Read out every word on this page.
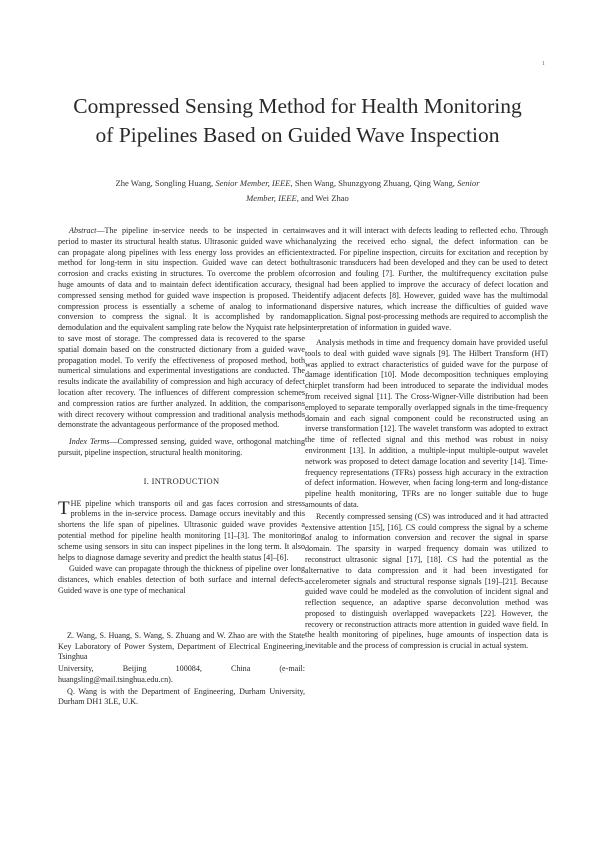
1
Compressed Sensing Method for Health Monitoring
of Pipelines Based on Guided Wave Inspection
Zhe Wang, Songling Huang, Senior Member, IEEE, Shen Wang, Shunzgyong Zhuang, Qing Wang, Senior
Member, IEEE, and Wei Zhao

Abstract—The pipeline in-service needs to be inspected in certain period to master its structural health status. Ultrasonic guided wave which can propagate along pipelines with less energy loss provides an efficient method for long-term in situ inspection. Guided wave can detect both corrosion and cracks existing in structures. To overcome the problem of huge amounts of data and to maintain defect identification accuracy, the compressed sensing method for guided wave inspection is proposed. The compression process is essentially a scheme of analog to information conversion to compress the signal. It is accomplished by random demodulation and the equivalent sampling rate below the Nyquist rate helps to save most of storage. The compressed data is recovered to the sparse spatial domain based on the constructed dictionary from a guided wave propagation model. To verify the effectiveness of proposed method, both numerical simulations and experimental investigations are conducted. The results indicate the availability of compression and high accuracy of defect location after recovery. The influences of different compression schemes and compression ratios are further analyzed. In addition, the comparisons with direct recovery without compression and traditional analysis methods demonstrate the advantageous performance of the proposed method.

Index Terms—Compressed sensing, guided wave, orthogonal matching pursuit, pipeline inspection, structural health monitoring.

I. INTRODUCTION

THE pipeline which transports oil and gas faces corrosion and stress problems in the in-service process. Damage occurs inevitably and this shortens the life span of pipelines. Ultrasonic guided wave provides a potential method for pipeline health monitoring [1]–[3]. The monitoring scheme using sensors in situ can inspect pipelines in the long term. It also helps to diagnose damage severity and predict the health status [4]–[6].

Guided wave can propagate through the thickness of pipeline over long distances, which enables detection of both surface and internal defects. Guided wave is one type of mechanical

Z. Wang, S. Huang, S. Wang, S. Zhuang and W. Zhao are with the State Key Laboratory of Power System, Department of Electrical Engineering, Tsinghua

University,	Beijing	100084,	China	(e-mail:

huangsling@mail.tsinghua.edu.cn).

Q. Wang is with the Department of Engineering, Durham University, Durham DH1 3LE, U.K.

waves and it will interact with defects leading to reflected echo. Through analyzing the received echo signal, the defect information can be extracted. For pipeline inspection, circuits for excitation and reception by ultrasonic transducers had been developed and they can be used to detect corrosion and fouling [7]. Further, the multifrequency excitation pulse signal had been applied to improve the accuracy of defect location and identify adjacent defects [8]. However, guided wave has the multimodal and dispersive natures, which increase the difficulties of guided wave application. Signal post-processing methods are required to accomplish the interpretation of information in guided wave.

Analysis methods in time and frequency domain have provided useful tools to deal with guided wave signals [9]. The Hilbert Transform (HT) was applied to extract characteristics of guided wave for the purpose of damage identification [10]. Mode decomposition techniques employing chirplet transform had been introduced to separate the individual modes from received signal [11]. The Cross-Wigner-Ville distribution had been employed to separate temporally overlapped signals in the time-frequency domain and each signal component could be reconstructed using an inverse transformation [12]. The wavelet transform was adopted to extract the time of reflected signal and this method was robust in noisy environment [13]. In addition, a multiple-input multiple-output wavelet network was proposed to detect damage location and severity [14]. Time-frequency representations (TFRs) possess high accuracy in the extraction of defect information. However, when facing long-term and long-distance pipeline health monitoring, TFRs are no longer suitable due to huge amounts of data.

Recently compressed sensing (CS) was introduced and it had attracted extensive attention [15], [16]. CS could compress the signal by a scheme of analog to information conversion and recover the signal in sparse domain. The sparsity in warped frequency domain was utilized to reconstruct ultrasonic signal [17], [18]. CS had the potential as the alternative to data compression and it had been investigated for accelerometer signals and structural response signals [19]–[21]. Because guided wave could be modeled as the convolution of incident signal and reflection sequence, an adaptive sparse deconvolution method was proposed to distinguish overlapped wavepackets [22]. However, the recovery or reconstruction attracts more attention in guided wave field. In the health monitoring of pipelines, huge amounts of inspection data is inevitable and the process of compression is crucial in actual system.
